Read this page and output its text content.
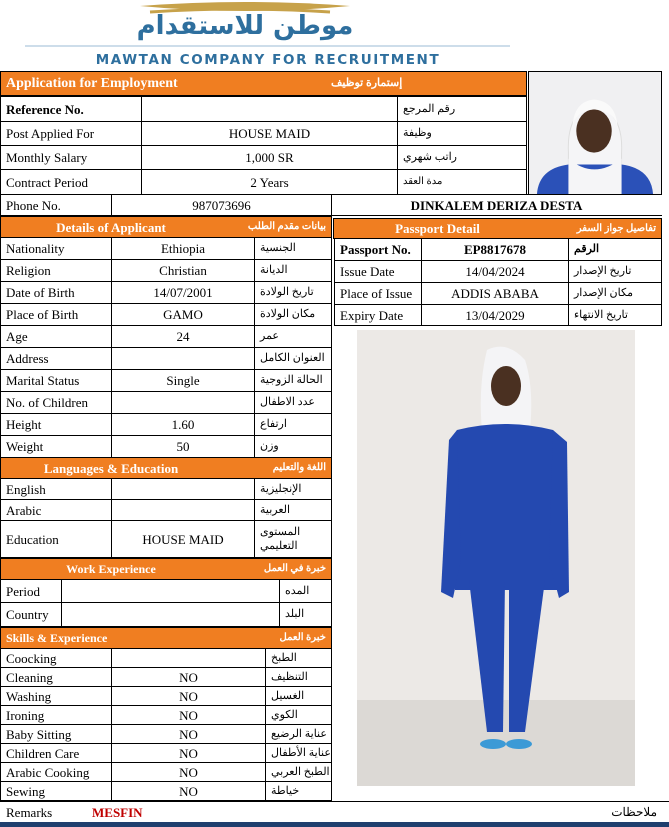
موطن للاستقدام
MAWTAN COMPANY FOR RECRUITMENT
Application for Employment	إستمارة توظيف
Reference No.	رقم المرجع
Post Applied For	HOUSE MAID	وظيفة
Monthly Salary	1,000 SR	راتب شهري
Contract Period	2 Years	مدة العقد
Phone No.	987073696	DINKALEM DERIZA DESTA
Details of Applicant	بيانات مقدم الطلب
Nationality	Ethiopia	الجنسية
Religion	Christian	الديانة
Date of Birth	14/07/2001	تاريخ الولادة
Place of Birth	GAMO	مكان الولادة
Age	24	عمر
Address	العنوان الكامل
Marital Status	Single	الحالة الزوجية
No. of Children	عدد الاطفال
Height	1.60	ارتفاع
Weight	50	وزن
Passport Detail	تفاصيل جواز السفر
Passport No.	EP8817678	الرقم
Issue Date	14/04/2024	تاريخ الإصدار
Place of Issue	ADDIS ABABA	مكان الإصدار
Expiry Date	13/04/2029	تاريخ الانتهاء
Languages & Education	اللغة والتعليم
English	الإنجليزية
Arabic	العربية
Education	HOUSE MAID	المستوى
التعليمي
Work Experience	خبرة في العمل
Period	المده
Country	البلد
Skills & Experience	خبرة العمل
Coocking	الطبخ
Cleaning	NO	التنظيف
Washing	NO	الغسيل
Ironing	NO	الكوي
Baby Sitting	NO	عناية الرضيع
Children Care	NO	عناية الأطفال
Arabic Cooking	NO	الطبخ العربي
Sewing	NO	خياطة
Remarks	MESFIN	ملاحظات
